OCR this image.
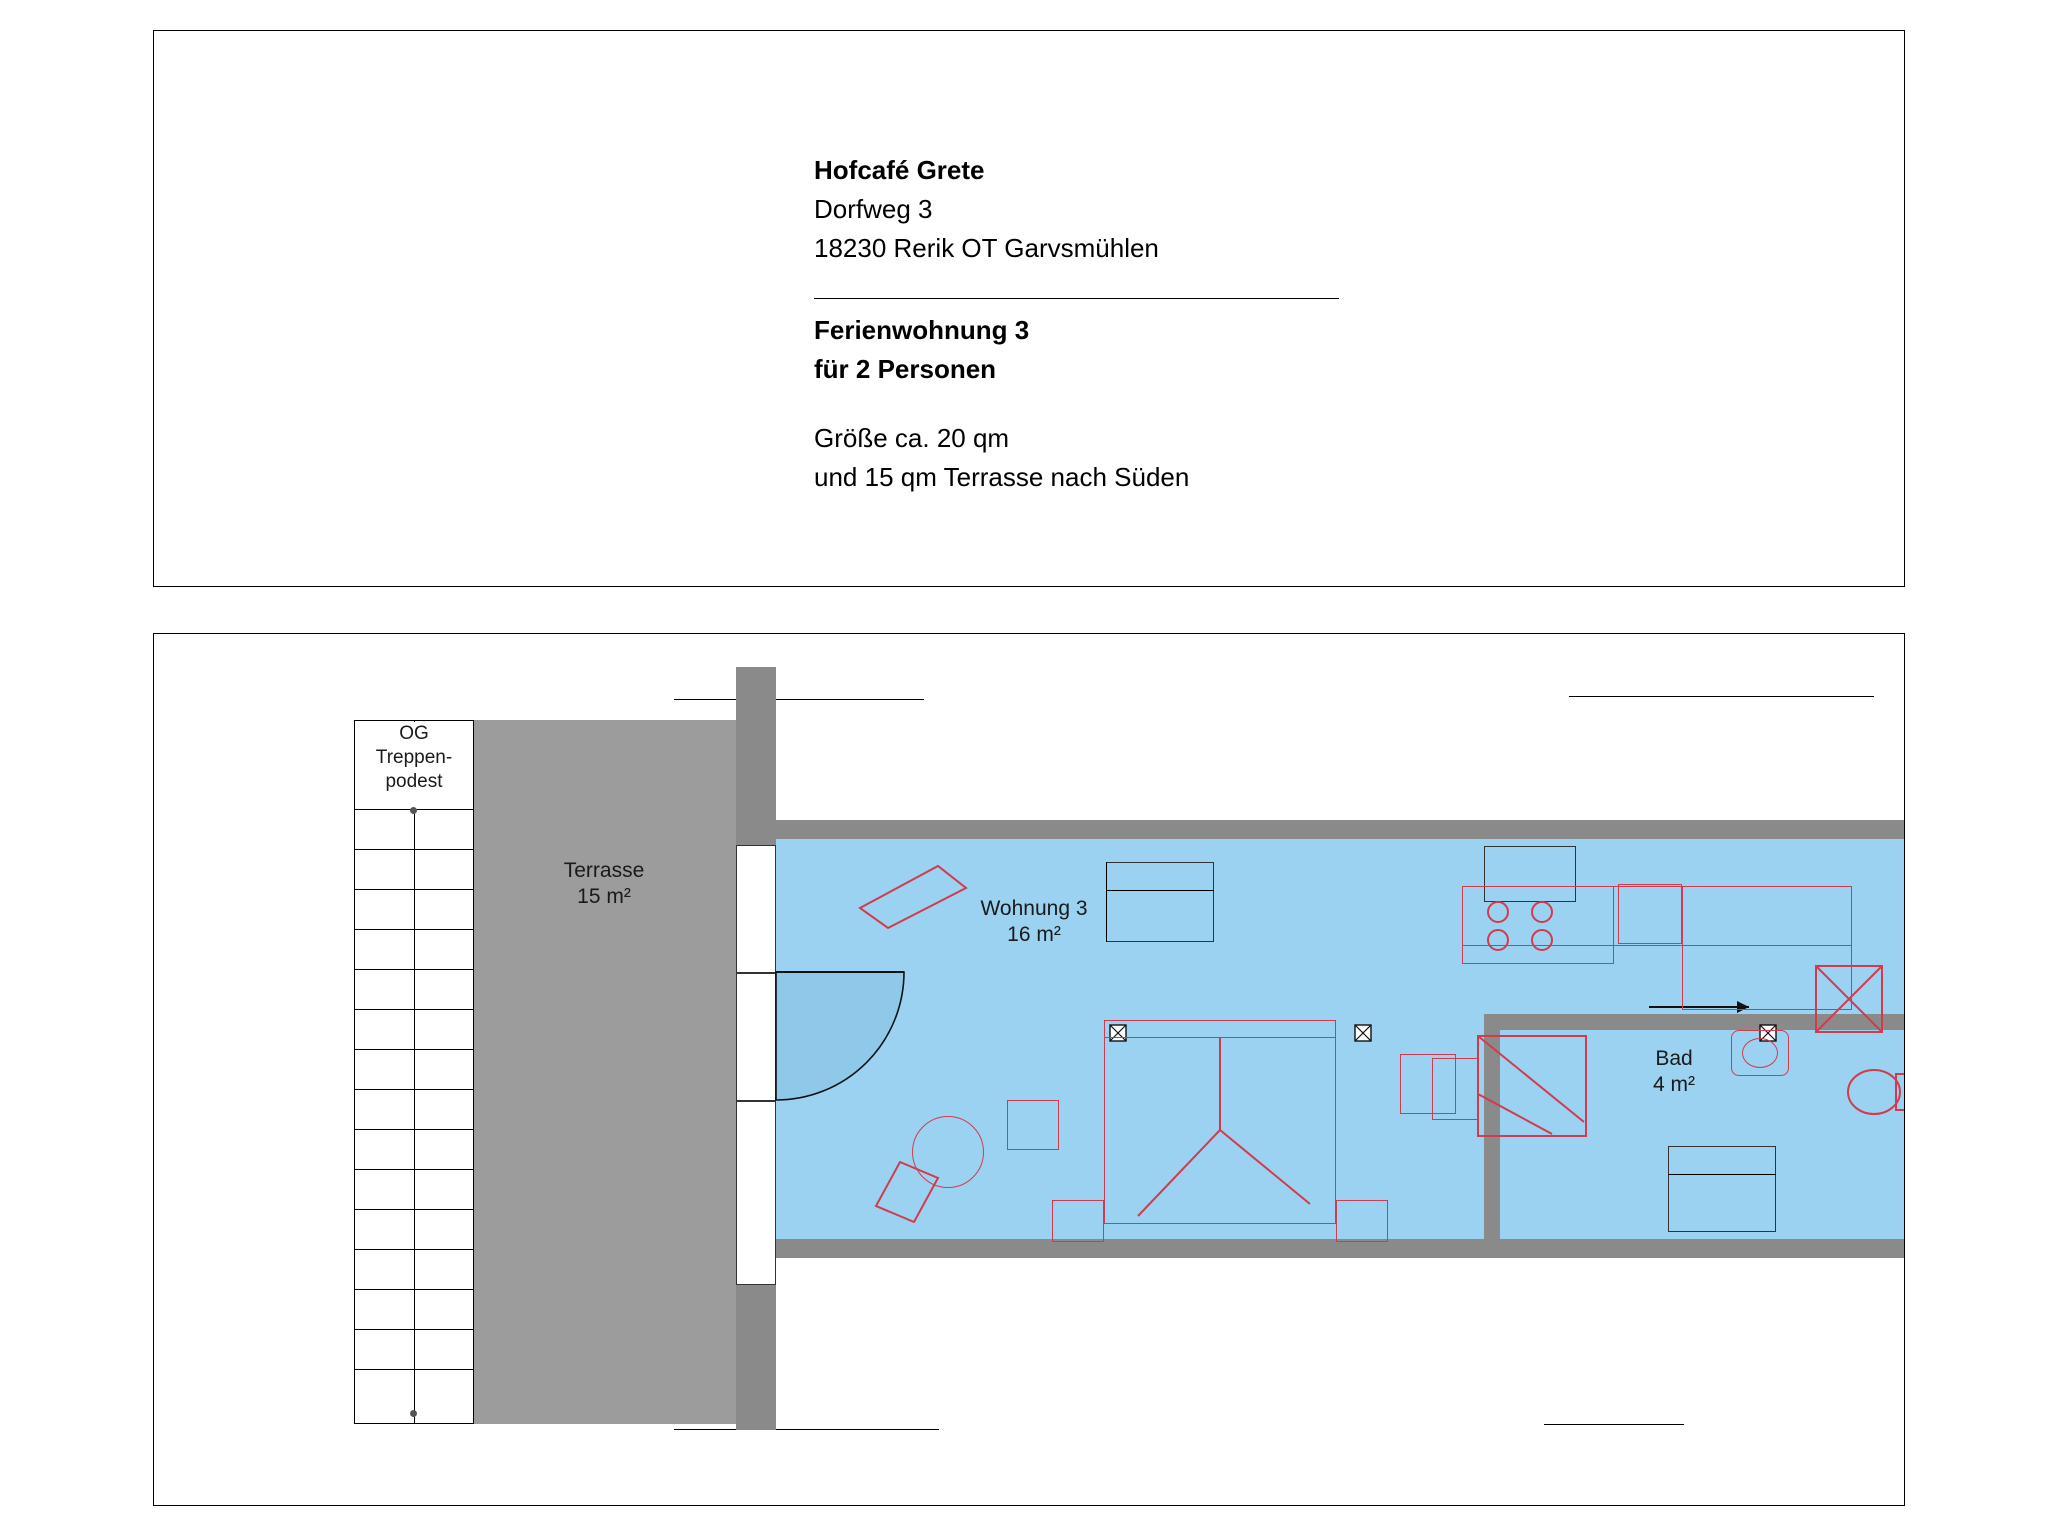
Hofcafé Grete
Dorfweg 3
18230 Rerik OT Garvsmühlen
Ferienwohnung 3
für 2 Personen
Größe ca. 20 qm
und 15 qm Terrasse nach Süden
Terrasse
15 m²
OG
Treppen-
podest
Bad
4 m²
Wohnung 3
16 m²
